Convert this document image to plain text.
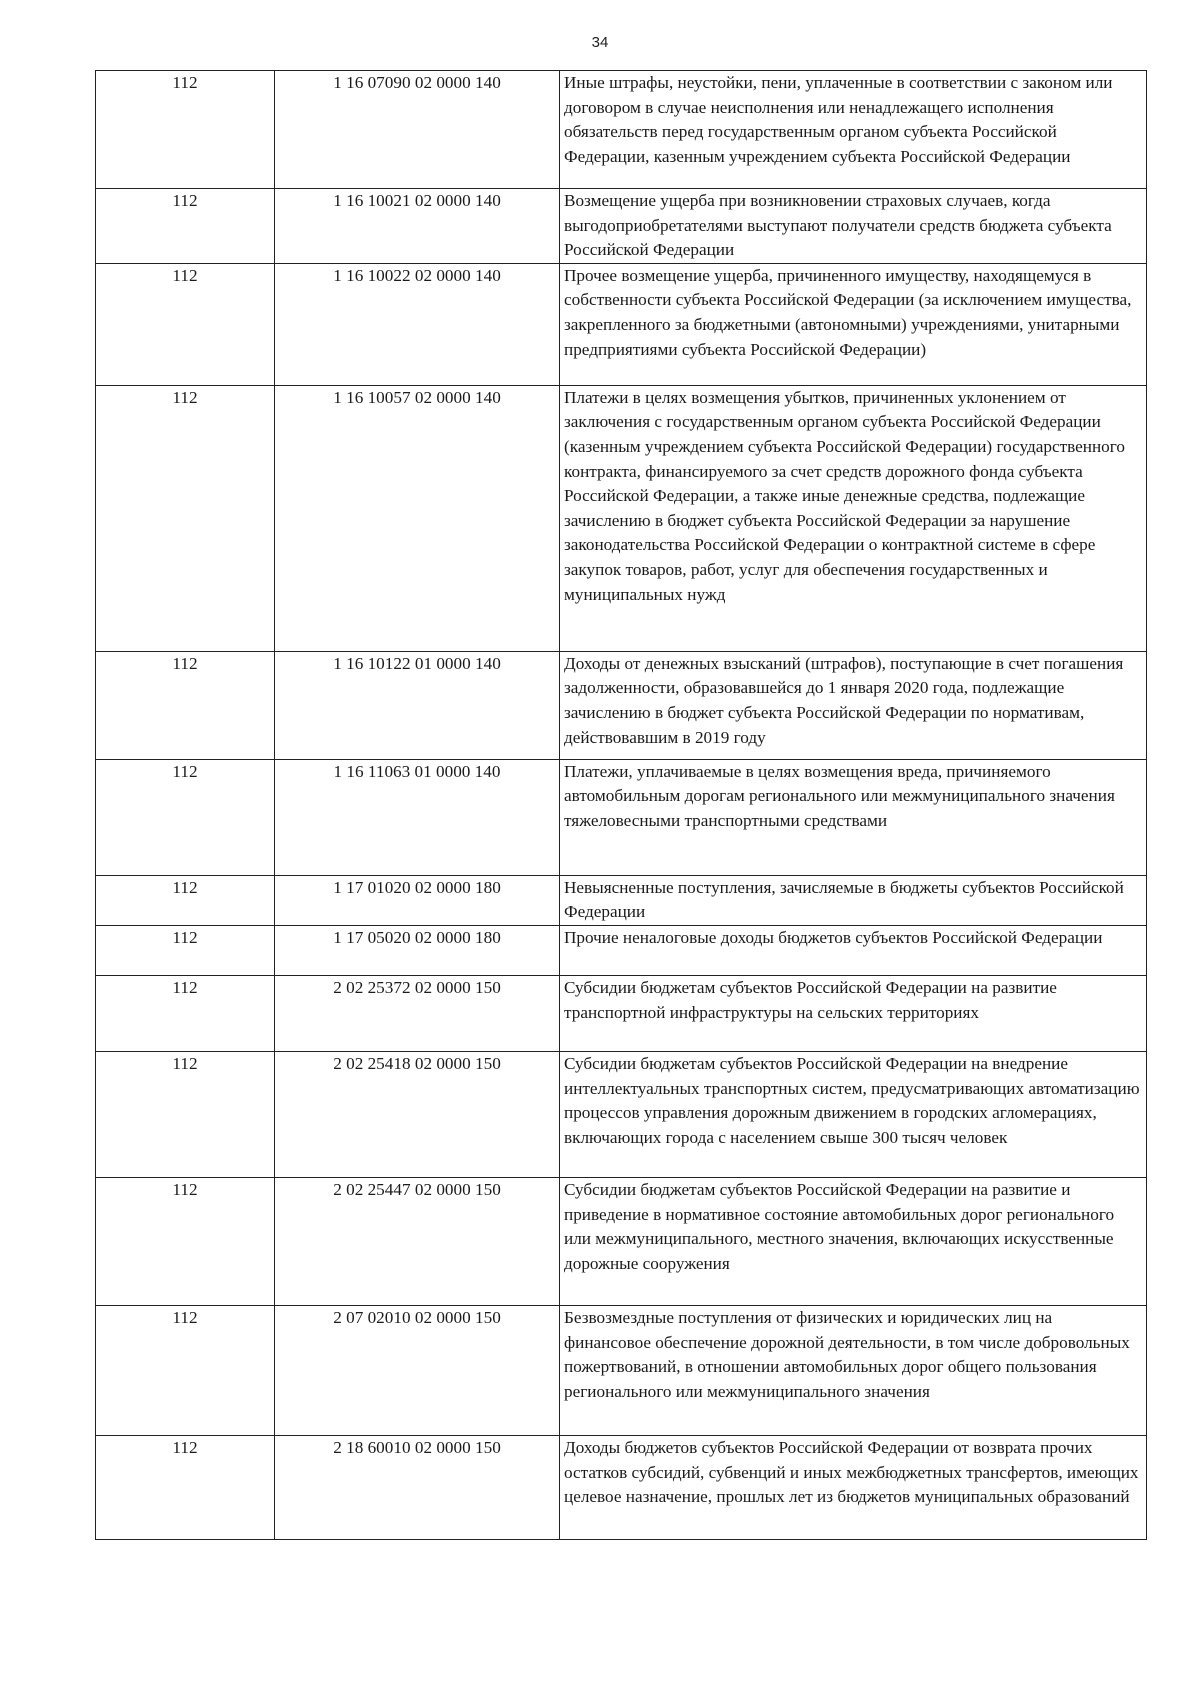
34
112	1 16 07090 02 0000 140	Иные штрафы, неустойки, пени, уплаченные в соответствии с законом или договором в случае неисполнения или ненадлежащего исполнения обязательств перед государственным органом субъекта Российской Федерации, казенным учреждением субъекта Российской Федерации
112	1 16 10021 02 0000 140	Возмещение ущерба при возникновении страховых случаев, когда выгодоприобретателями выступают получатели средств бюджета субъекта Российской Федерации
112	1 16 10022 02 0000 140	Прочее возмещение ущерба, причиненного имуществу, находящемуся в собственности субъекта Российской Федерации (за исключением имущества, закрепленного за бюджетными (автономными) учреждениями, унитарными предприятиями субъекта Российской Федерации)
112	1 16 10057 02 0000 140	Платежи в целях возмещения убытков, причиненных уклонением от заключения с государственным органом субъекта Российской Федерации (казенным учреждением субъекта Российской Федерации) государственного контракта, финансируемого за счет средств дорожного фонда субъекта Российской Федерации, а также иные денежные средства, подлежащие зачислению в бюджет субъекта Российской Федерации за нарушение законодательства Российской Федерации о контрактной системе в сфере закупок товаров, работ, услуг для обеспечения государственных и муниципальных нужд
112	1 16 10122 01 0000 140	Доходы от денежных взысканий (штрафов), поступающие в счет погашения задолженности, образовавшейся до 1 января 2020 года, подлежащие зачислению в бюджет субъекта Российской Федерации по нормативам, действовавшим в 2019 году
112	1 16 11063 01 0000 140	Платежи, уплачиваемые в целях возмещения вреда, причиняемого автомобильным дорогам регионального или межмуниципального значения тяжеловесными транспортными средствами
112	1 17 01020 02 0000 180	Невыясненные поступления, зачисляемые в бюджеты субъектов Российской Федерации
112	1 17 05020 02 0000 180	Прочие неналоговые доходы бюджетов субъектов Российской Федерации
112	2 02 25372 02 0000 150	Субсидии бюджетам субъектов Российской Федерации на развитие транспортной инфраструктуры на сельских территориях
112	2 02 25418 02 0000 150	Субсидии бюджетам субъектов Российской Федерации на внедрение интеллектуальных транспортных систем, предусматривающих автоматизацию процессов управления дорожным движением в городских агломерациях, включающих города с населением свыше 300 тысяч человек
112	2 02 25447 02 0000 150	Субсидии бюджетам субъектов Российской Федерации на развитие и приведение в нормативное состояние автомобильных дорог регионального или межмуниципального, местного значения, включающих искусственные дорожные сооружения
112	2 07 02010 02 0000 150	Безвозмездные поступления от физических и юридических лиц на финансовое обеспечение дорожной деятельности, в том числе добровольных пожертвований, в отношении автомобильных дорог общего пользования регионального или межмуниципального значения
112	2 18 60010 02 0000 150	Доходы бюджетов субъектов Российской Федерации от возврата прочих остатков субсидий, субвенций и иных межбюджетных трансфертов, имеющих целевое назначение, прошлых лет из бюджетов муниципальных образований
